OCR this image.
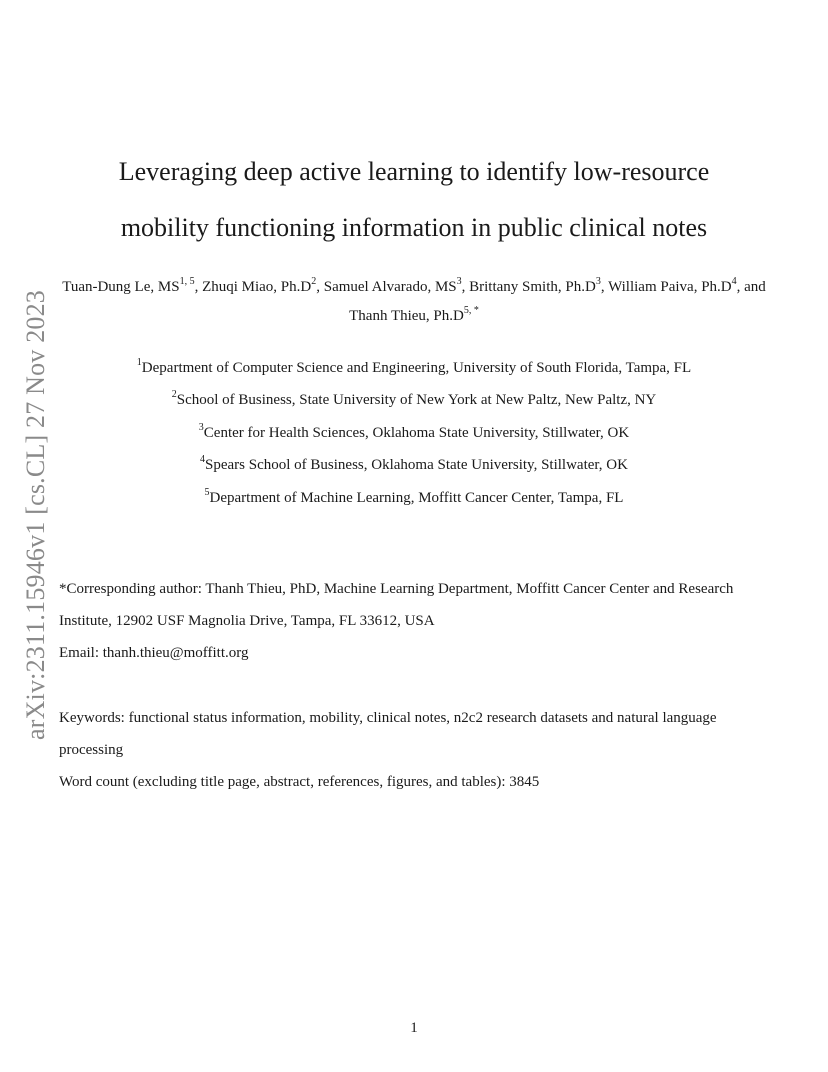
arXiv:2311.15946v1 [cs.CL] 27 Nov 2023
Leveraging deep active learning to identify low-resource
mobility functioning information in public clinical notes
Tuan-Dung Le, MS$^{1, 5}$, Zhuqi Miao, $Ph.D^2$, Samuel Alvarado, $MS^3$, Brittany Smith, $Ph.D^3$, William Paiva, $Ph.D^4$, and Thanh Thieu, $Ph.D^{5, *}$
$^1$Department of Computer Science and Engineering, University of South Florida, Tampa, FL
$^2$School of Business, State University of New York at New Paltz, New Paltz, NY
$^3$Center for Health Sciences, Oklahoma State University, Stillwater, OK
$^4$Spears School of Business, Oklahoma State University, Stillwater, OK
$^5$Department of Machine Learning, Moffitt Cancer Center, Tampa, FL

*Corresponding author: Thanh Thieu, PhD, Machine Learning Department, Moffitt Cancer Center and Research Institute, 12902 USF Magnolia Drive, Tampa, FL 33612, USA

Email: thanh.thieu@moffitt.org

Keywords: functional status information, mobility, clinical notes, n2c2 research datasets and natural language processing

Word count (excluding title page, abstract, references, figures, and tables): 3845

1
